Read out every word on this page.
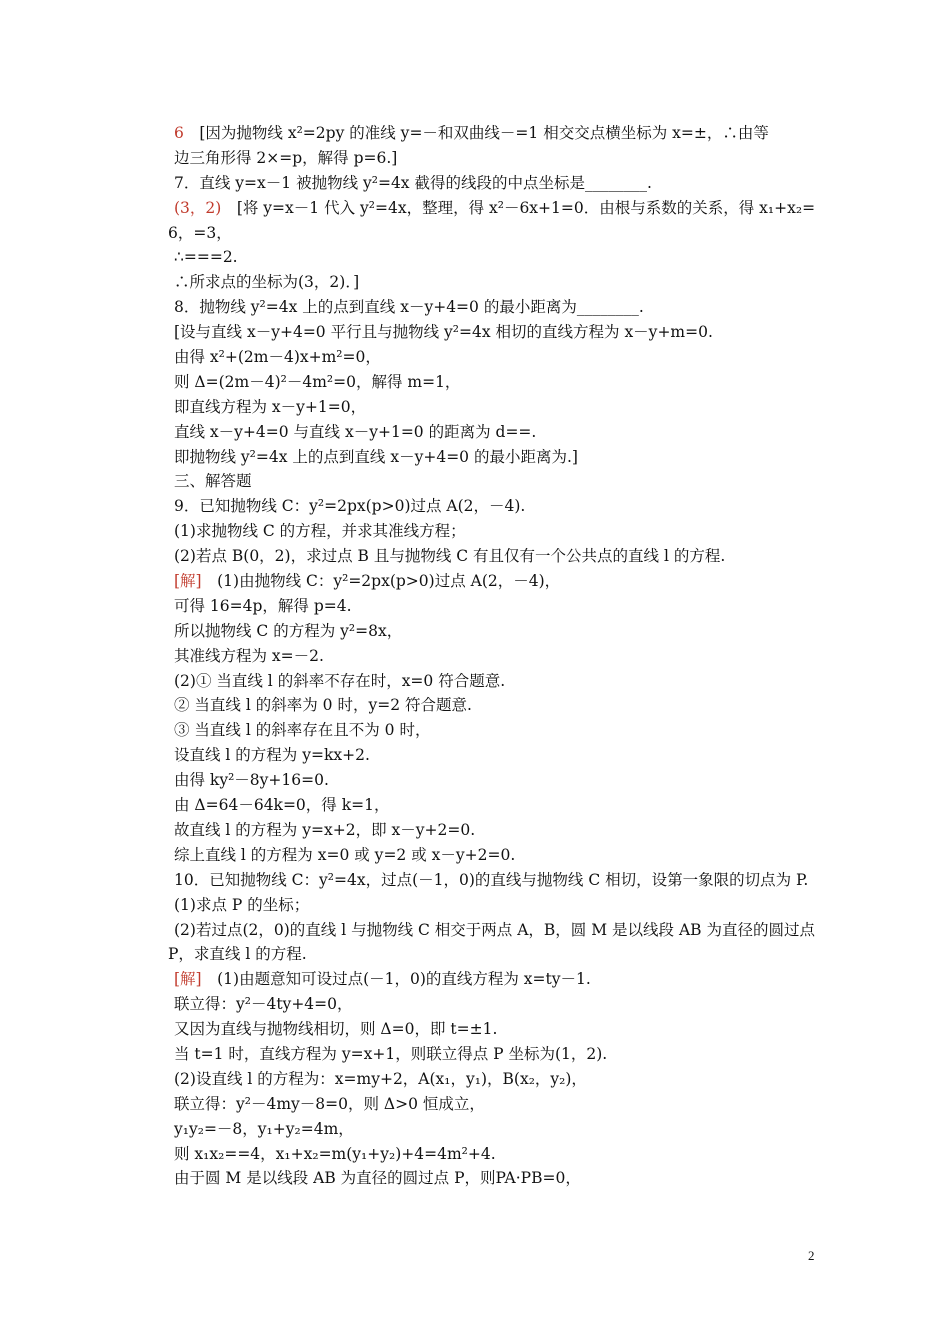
6  [因为抛物线 x²=2py 的准线 y=－和双曲线－=1 相交交点横坐标为 x=±，∴由等
边三角形得 2×=p，解得 p=6.]
7．直线 y=x－1 被抛物线 y²=4x 截得的线段的中点坐标是________.
(3，2)  [将 y=x－1 代入 y²=4x，整理，得 x²－6x+1=0．由根与系数的关系，得 x₁+x₂=
6，=3，
∴===2.
∴所求点的坐标为(3，2)．]
8．抛物线 y²=4x 上的点到直线 x－y+4=0 的最小距离为________.
[设与直线 x－y+4=0 平行且与抛物线 y²=4x 相切的直线方程为 x－y+m=0.
由得 x²+(2m－4)x+m²=0，
则 Δ=(2m－4)²－4m²=0，解得 m=1，
即直线方程为 x－y+1=0，
直线 x－y+4=0 与直线 x－y+1=0 的距离为 d==.
即抛物线 y²=4x 上的点到直线 x－y+4=0 的最小距离为.]
三、解答题
9．已知抛物线 C：y²=2px(p>0)过点 A(2，－4).
(1)求抛物线 C 的方程，并求其准线方程；
(2)若点 B(0，2)，求过点 B 且与抛物线 C 有且仅有一个公共点的直线 l 的方程.
[解]  (1)由抛物线 C：y²=2px(p>0)过点 A(2，－4)，
可得 16=4p，解得 p=4.
所以抛物线 C 的方程为 y²=8x，
其准线方程为 x=－2.
(2)① 当直线 l 的斜率不存在时，x=0 符合题意.
② 当直线 l 的斜率为 0 时，y=2 符合题意.
③ 当直线 l 的斜率存在且不为 0 时，
设直线 l 的方程为 y=kx+2.
由得 ky²－8y+16=0.
由 Δ=64－64k=0，得 k=1，
故直线 l 的方程为 y=x+2，即 x－y+2=0.
综上直线 l 的方程为 x=0 或 y=2 或 x－y+2=0.
10．已知抛物线 C：y²=4x，过点(－1，0)的直线与抛物线 C 相切，设第一象限的切点为 P.
(1)求点 P 的坐标；
(2)若过点(2，0)的直线 l 与抛物线 C 相交于两点 A，B，圆 M 是以线段 AB 为直径的圆过点
P，求直线 l 的方程.
[解]  (1)由题意知可设过点(－1，0)的直线方程为 x=ty－1.
联立得：y²－4ty+4=0，
又因为直线与抛物线相切，则 Δ=0，即 t=±1.
当 t=1 时，直线方程为 y=x+1，则联立得点 P 坐标为(1，2).
(2)设直线 l 的方程为：x=my+2，A(x₁，y₁)，B(x₂，y₂)，
联立得：y²－4my－8=0，则 Δ>0 恒成立，
y₁y₂=－8，y₁+y₂=4m，
则 x₁x₂==4，x₁+x₂=m(y₁+y₂)+4=4m²+4.
由于圆 M 是以线段 AB 为直径的圆过点 P，则PA·PB=0，
2
